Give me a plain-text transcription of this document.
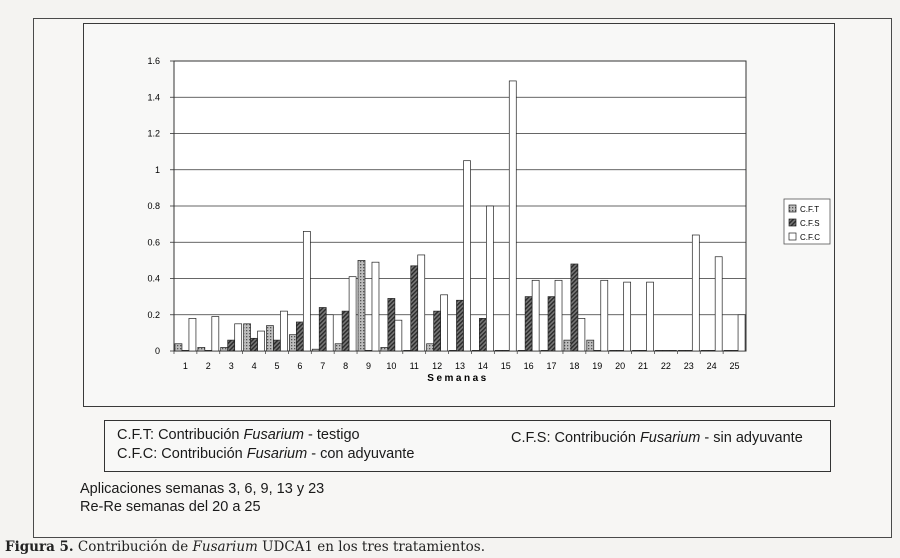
0
0.2
0.4
0.6
0.8
1
1.2
1.4
1.6
1 2 3 4 5 6 7 8 9 10 11 12 13 14 15 16 17 18 19 20 21 22 23 24 25
Semanas
C.F.T
C.F.S
C.F.C
C.F.T: Contribución Fusarium - testigo	C.F.S: Contribución Fusarium - sin adyuvante
C.F.C: Contribución Fusarium - con adyuvante
Aplicaciones semanas 3, 6, 9, 13 y 23
Re-Re semanas del 20 a 25
Figura 5. Contribución de Fusarium UDCA1 en los tres tratamientos.
